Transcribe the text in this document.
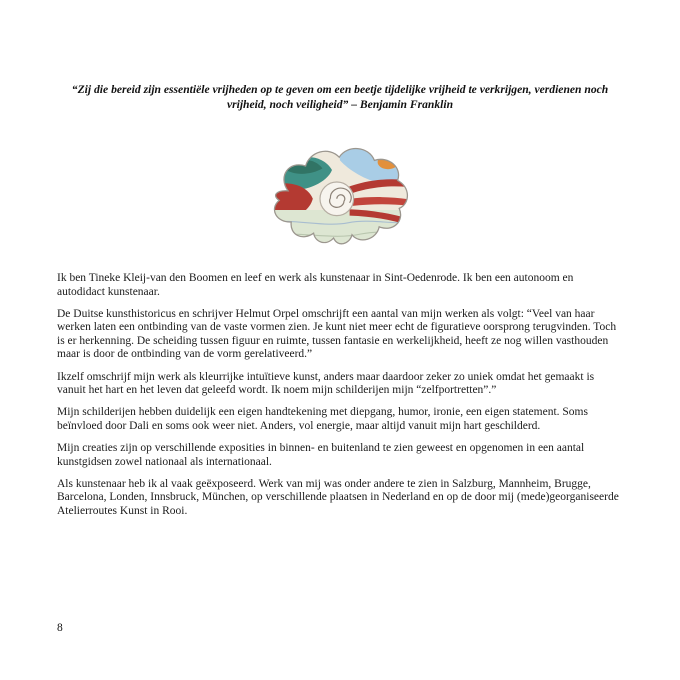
“Zij die bereid zijn essentiële vrijheden op te geven om een beetje tijdelijke vrijheid te verkrijgen, verdienen noch vrijheid, noch veiligheid” – Benjamin Franklin

Ik ben Tineke Kleij-van den Boomen en leef en werk als kunstenaar in Sint-Oedenrode. Ik ben een autonoom en autodidact kunstenaar.

De Duitse kunsthistoricus en schrijver Helmut Orpel omschrijft een aantal van mijn werken als volgt: “Veel van haar werken laten een ontbinding van de vaste vormen zien. Je kunt niet meer echt de figuratieve oorsprong terugvinden. Toch is er herkenning. De scheiding tussen figuur en ruimte, tussen fantasie en werkelijkheid, heeft ze nog willen vasthouden maar is door de ontbinding van de vorm gerelativeerd.”

Ikzelf omschrijf mijn werk als kleurrijke intuïtieve kunst, anders maar daardoor zeker zo uniek omdat het gemaakt is vanuit het hart en het leven dat geleefd wordt. Ik noem mijn schilderijen mijn “zelfportretten”.”

Mijn schilderijen hebben duidelijk een eigen handtekening met diepgang, humor, ironie, een eigen statement. Soms beïnvloed door Dali en soms ook weer niet. Anders, vol energie, maar altijd vanuit mijn hart geschilderd.

Mijn creaties zijn op verschillende exposities in binnen- en buitenland te zien geweest en opgenomen in een aantal kunstgidsen zowel nationaal als internationaal.

Als kunstenaar heb ik al vaak geëxposeerd. Werk van mij was onder andere te zien in Salzburg, Mannheim, Brugge, Barcelona, Londen, Innsbruck, München, op verschillende plaatsen in Nederland en op de door mij (mede)georganiseerde Atelierroutes Kunst in Rooi.

8
